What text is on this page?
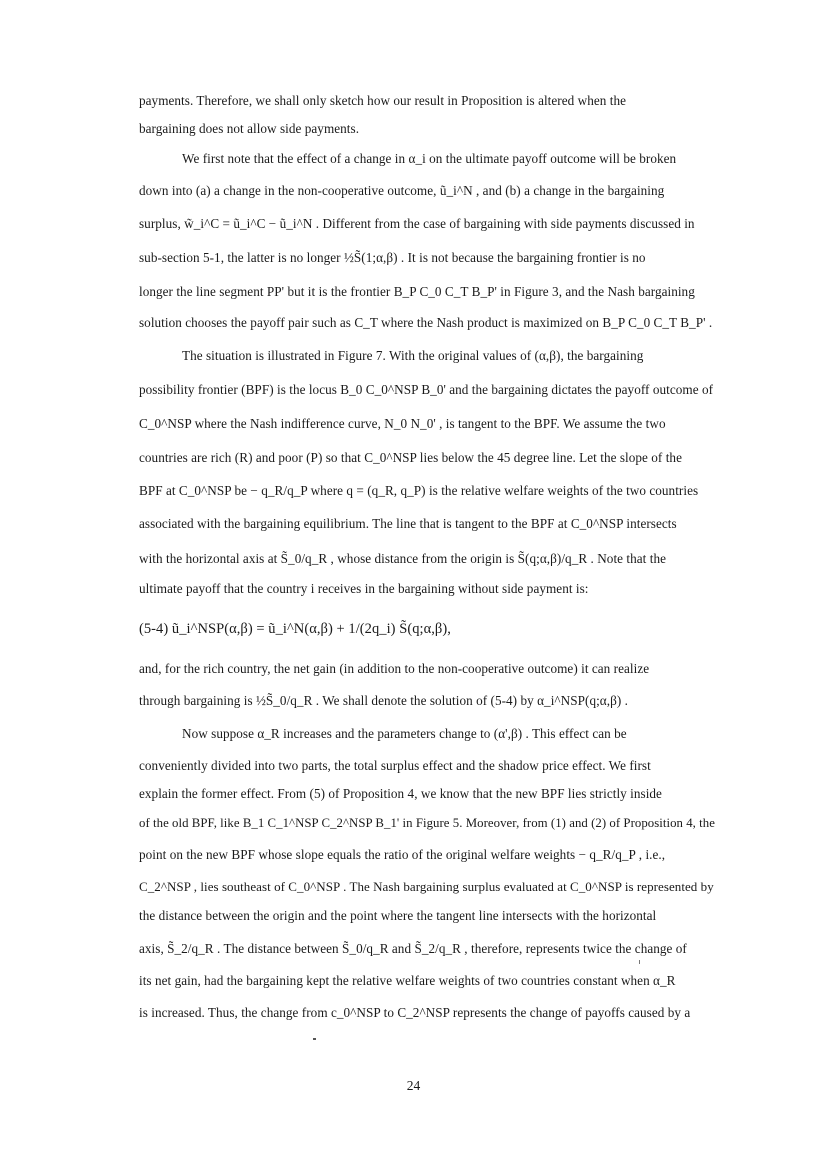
payments. Therefore, we shall only sketch how our result in Proposition is altered when the
bargaining does not allow side payments.
We first note that the effect of a change in α_i on the ultimate payoff outcome will be broken
down into (a) a change in the non-cooperative outcome, ũ_i^N , and (b) a change in the bargaining
surplus, w̃_i^C = ũ_i^C − ũ_i^N . Different from the case of bargaining with side payments discussed in
sub-section 5-1, the latter is no longer ½S̃(1;α,β) . It is not because the bargaining frontier is no
longer the line segment PP' but it is the frontier B_P C_0 C_T B_P' in Figure 3, and the Nash bargaining
solution chooses the payoff pair such as C_T where the Nash product is maximized on B_P C_0 C_T B_P' .
The situation is illustrated in Figure 7. With the original values of (α,β), the bargaining
possibility frontier (BPF) is the locus B_0 C_0^NSP B_0' and the bargaining dictates the payoff outcome of
C_0^NSP where the Nash indifference curve, N_0 N_0' , is tangent to the BPF. We assume the two
countries are rich (R) and poor (P) so that C_0^NSP lies below the 45 degree line. Let the slope of the
BPF at C_0^NSP be − q_R/q_P where q = (q_R, q_P) is the relative welfare weights of the two countries
associated with the bargaining equilibrium. The line that is tangent to the BPF at C_0^NSP intersects
with the horizontal axis at S̃_0/q_R , whose distance from the origin is S̃(q;α,β)/q_R . Note that the
ultimate payoff that the country i receives in the bargaining without side payment is:
(5-4) ũ_i^NSP(α,β) = ũ_i^N(α,β) + 1/(2q_i) S̃(q;α,β),
and, for the rich country, the net gain (in addition to the non-cooperative outcome) it can realize
through bargaining is ½S̃_0/q_R . We shall denote the solution of (5-4) by α_i^NSP(q;α,β) .
Now suppose α_R increases and the parameters change to (α',β) . This effect can be
conveniently divided into two parts, the total surplus effect and the shadow price effect. We first
explain the former effect. From (5) of Proposition 4, we know that the new BPF lies strictly inside
of the old BPF, like B_1 C_1^NSP C_2^NSP B_1' in Figure 5. Moreover, from (1) and (2) of Proposition 4, the
point on the new BPF whose slope equals the ratio of the original welfare weights − q_R/q_P , i.e.,
C_2^NSP , lies southeast of C_0^NSP . The Nash bargaining surplus evaluated at C_0^NSP is represented by
the distance between the origin and the point where the tangent line intersects with the horizontal
axis, S̃_2/q_R . The distance between S̃_0/q_R and S̃_2/q_R , therefore, represents twice the change of
its net gain, had the bargaining kept the relative welfare weights of two countries constant when α_R
is increased. Thus, the change from c_0^NSP to C_2^NSP represents the change of payoffs caused by a
24
